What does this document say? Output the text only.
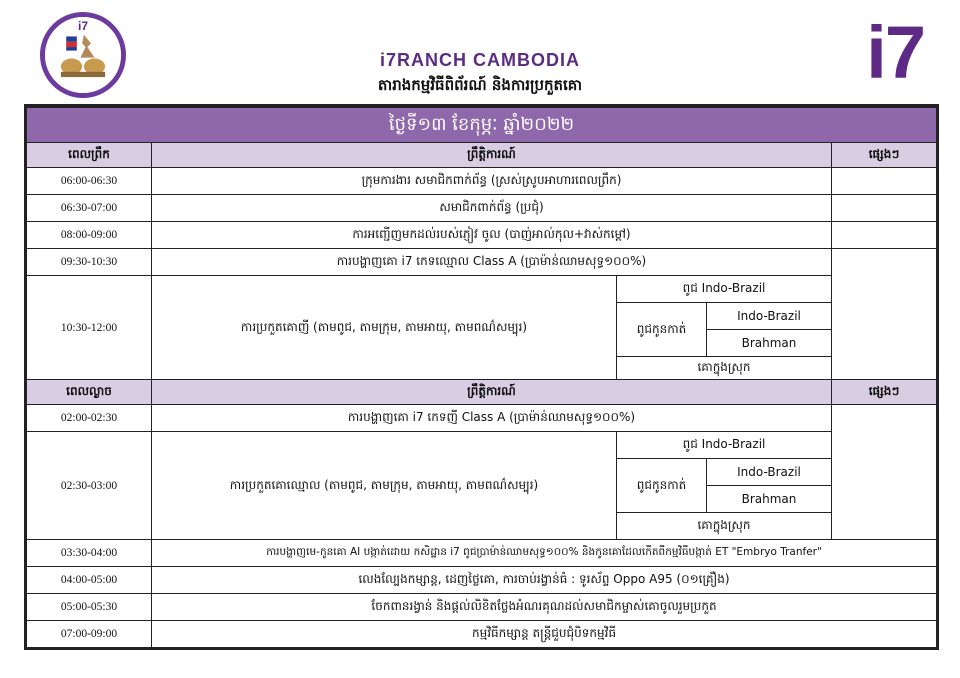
i7
i7RANCH CAMBODIA
តារាងកម្មវិធីពិព័រណ៍ និងការប្រកួតគោ	i7
ថ្ងៃទី១៣ ខែកុម្ភៈ ឆ្នាំ២០២២				
ពេលព្រឹក	ព្រឹត្តិការណ៍			ផ្សេងៗ
06:00-06:30	ក្រុមការងារ សមាជិកពាក់ព័ន្ធ (ស្រស់ស្រូបអាហារពេលព្រឹក)			
06:30-07:00	សមាជិកពាក់ព័ន្ធ (ប្រជុំ)			
08:00-09:00	ការអញ្ជើញមកដល់របស់ភ្ញៀវ ចូល (បាញ់អាល់កុល+វាស់កម្តៅ)			
09:30-10:30	ការបង្ហាញគោ i7 កេទឈ្មោល Class A (ប្រាម៉ាន់ឈាមសុទ្ធ១០០%)			
10:30-12:00	ការប្រកួតគោញី (តាមពូជ, តាមក្រុម, តាមអាយុ, តាមពណ៌សម្បុរ)	ពូជ Indo-Brazil		
		ពូជកូនកាត់	Indo-Brazil	
			Brahman	
		គោក្នុងស្រុក		
ពេលល្ងាច	ព្រឹត្តិការណ៍			ផ្សេងៗ
02:00-02:30	ការបង្ហាញគោ i7 កេទញី Class A (ប្រាម៉ាន់ឈាមសុទ្ធ១០០%)			
02:30-03:00	ការប្រកួតគោឈ្មោល (តាមពូជ, តាមក្រុម, តាមអាយុ, តាមពណ៌សម្បុរ)	ពូជ Indo-Brazil		
		ពូជកូនកាត់	Indo-Brazil	
			Brahman	
		គោក្នុងស្រុក		
03:30-04:00	ការបង្ហាញមេ-កូនគោ AI បង្កាត់ដោយ កសិដ្ឋាន i7 ពូជប្រាម៉ាន់ឈាមសុទ្ធ១០០% និងកូនគោដែលកើតពីកម្មវិធីបង្កាត់ ET "Embryo Tranfer"			
04:00-05:00	លេងល្បែងកម្សាន្ត, ដេញថ្លៃគោ, ការចាប់រង្វាន់ធំ : ទូរស័ព្ទ Oppo A95 (០១គ្រឿង)			
05:00-05:30	ចែកពានរង្វាន់ និងផ្តល់លិខិតថ្លែងអំណរគុណដល់សមាជិកម្ចាស់គោចូលរួមប្រកួត			
07:00-09:00	កម្មវិធីកម្សាន្ត តន្ត្រីជួបជុំបិទកម្មវិធី			
